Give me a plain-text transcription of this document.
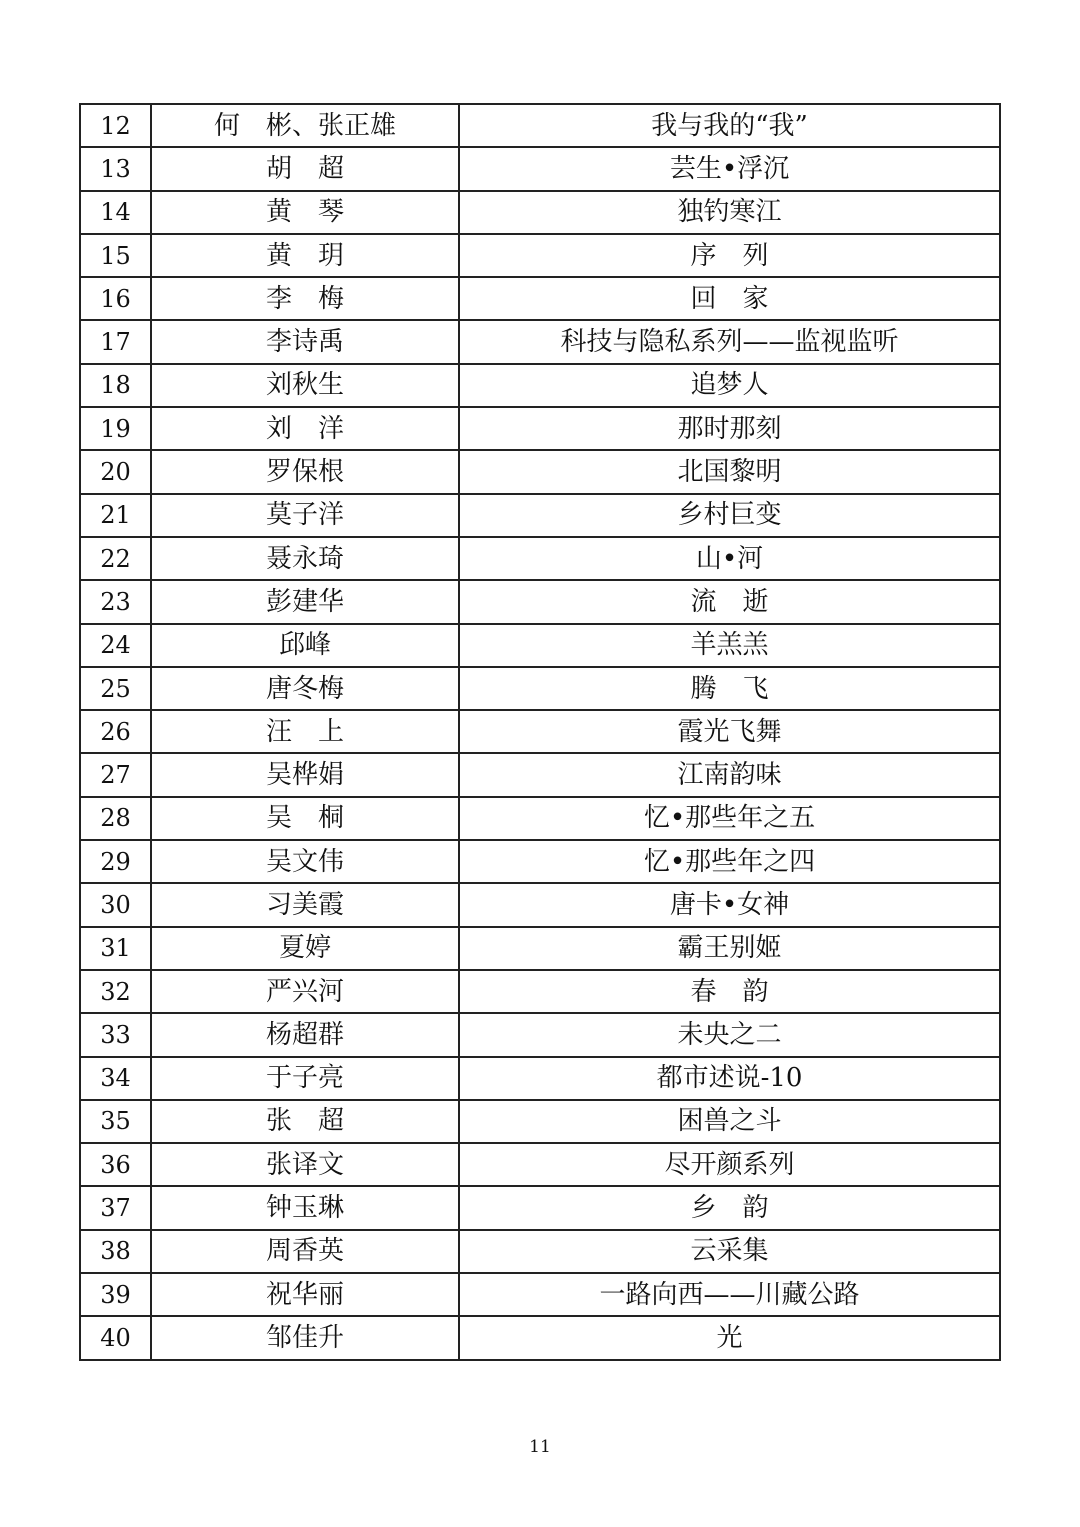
12	何　彬、张正雄	我与我的“我”
13	胡　超	芸生•浮沉
14	黄　琴	独钓寒江
15	黄　玥	序　列
16	李　梅	回　家
17	李诗禹	科技与隐私系列——监视监听
18	刘秋生	追梦人
19	刘　洋	那时那刻
20	罗保根	北国黎明
21	莫子洋	乡村巨变
22	聂永琦	山•河
23	彭建华	流　逝
24	邱峰	羊羔羔
25	唐冬梅	腾　飞
26	汪　上	霞光飞舞
27	吴桦娟	江南韵味
28	吴　桐	忆•那些年之五
29	吴文伟	忆•那些年之四
30	习美霞	唐卡•女神
31	夏婷	霸王别姬
32	严兴河	春　韵
33	杨超群	未央之二
34	于子亮	都市述说-10
35	张　超	困兽之斗
36	张译文	尽开颜系列
37	钟玉琳	乡　韵
38	周香英	云采集
39	祝华丽	一路向西——川藏公路
40	邹佳升	光
11
